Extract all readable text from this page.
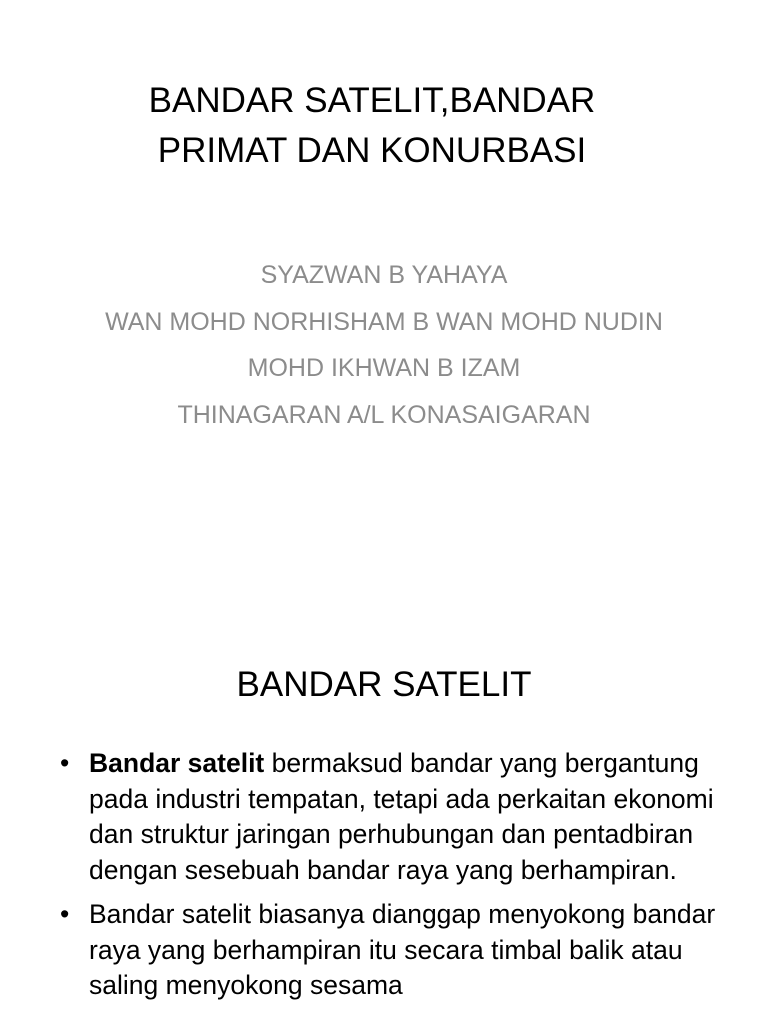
BANDAR SATELIT,BANDAR
PRIMAT DAN KONURBASI
SYAZWAN B YAHAYA
WAN MOHD NORHISHAM B WAN MOHD NUDIN
MOHD IKHWAN B IZAM
THINAGARAN A/L KONASAIGARAN
BANDAR SATELIT
• Bandar satelit bermaksud bandar yang bergantung pada industri tempatan, tetapi ada perkaitan ekonomi dan struktur jaringan perhubungan dan pentadbiran dengan sesebuah bandar raya yang berhampiran.
• Bandar satelit biasanya dianggap menyokong bandar raya yang berhampiran itu secara timbal balik atau saling menyokong sesama
